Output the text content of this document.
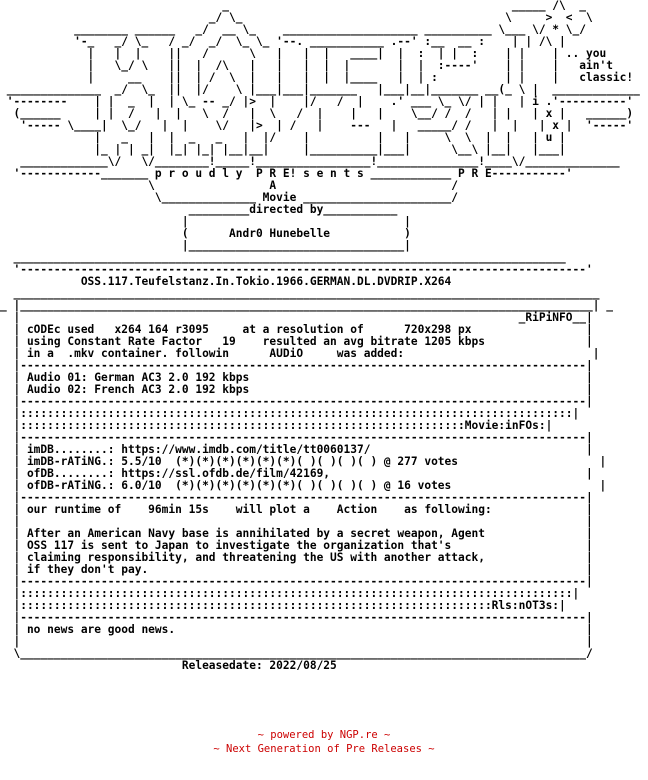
_                                          _____ /\  _
_/ \_                                       \     >  <  \
________ ______   _/  __ \_    ____________________ __________ \___ \/ * \_/
'-_   _/ \_   / _/  _/  \_ \_ '--. ___________ .--' :__  __ :    | | /\ |
|   |  |    ||   /      \   |   |  |   ____|  |  :  | |  :    | |    | .. you
|   \_/ \   ||  |  /\   |   |   |  |  |       |  |  :----'    | |    |   ain't
|     __    ||  | /  \  |   |   |  |  |____   |  | :          | |    |   classic!
______________  _/  \_  ||  |/    \ |___|___|_______   |___|__|_______ __(_ \ |  _____________
'--------    | |  _  |  | \_ -- _/ |>  |    |/   /  |    .' ___ \_ \/ | |   | i .'----------'
(______     | |  /   |  |   \  /   |  \   /  |    |   |    \__/ /  /   | |   | x |   ______)
'----- \____|  \_/   |  |    \/   |>  | /   |    ---   |   _____/ /   |  |   | x |  '-----'
|   _   |  |  _   _   |  |/    |          |   |     \  \  |  |   | u |
|_ | | _|  |_| |_| |__|__|     |__________|___|      \__\ |__|   |___|
_____________\/   \/________!_____!_________________!_______________!____\/______________
'------------_______ p r o u d l y  P R E! s e n t s ____________ P R E-----------'
\                 A                          /
\______________ Movie ______________________/
_________directed by___________
|                                |
(      Andr0 Hunebelle           )
|________________________________|
__________________________________________________________________________________
'------------------------------------------------------------------------------------'
OSS.117.Teufelstanz.In.Tokio.1966.GERMAN.DL.DVDRIP.X264
_______________________________________________________________________________________
_ |_____________________________________________________________________________________| _
|                                                                          _RiPiNFO__|
| cODEc used   x264 164 r3095     at a resolution of      720x298 px                 |
| using Constant Rate Factor   19    resulted an avg bitrate 1205 kbps               |
| in a  .mkv container. followin      AUDiO     was added:                            |
|------------------------------------------------------------------------------------|
| Audio 01: German AC3 2.0 192 kbps                                                  |
| Audio 02: French AC3 2.0 192 kbps                                                  |
|------------------------------------------------------------------------------------|
|::::::::::::::::::::::::::::::::::::::::::::::::::::::::::::::::::::::::::::::::::|
|::::::::::::::::::::::::::::::::::::::::::::::::::::::::::::::::::Movie:inFOs:|
|------------------------------------------------------------------------------------|
| imDB........: https://www.imdb.com/title/tt0060137/                                |
| imDB-rATiNG.: 5.5/10  (*)(*)(*)(*)(*)(*)( )( )( )( ) @ 277 votes                     |
| ofDB........: https://ssl.ofdb.de/film/42169,                                      |
| ofDB-rATiNG.: 6.0/10  (*)(*)(*)(*)(*)(*)( )( )( )( ) @ 16 votes                      |
|------------------------------------------------------------------------------------|
| our runtime of    96min 15s    will plot a    Action    as following:              |
|                                                                                    |
| After an American Navy base is annihilated by a secret weapon, Agent               |
| OSS 117 is sent to Japan to investigate the organization that's                    |
| claiming responsibility, and threatening the US with another attack,               |
| if they don't pay.                                                                 |
|------------------------------------------------------------------------------------|
|::::::::::::::::::::::::::::::::::::::::::::::::::::::::::::::::::::::::::::::::::|
|::::::::::::::::::::::::::::::::::::::::::::::::::::::::::::::::::::::Rls:nOT3s:|
|------------------------------------------------------------------------------------|
| no news are good news.                                                             |
|                                                                                    |
\____________________________________________________________________________________/
Releasedate: 2022/08/25
~ powered by NGP.re ~
~ Next Generation of Pre Releases ~
